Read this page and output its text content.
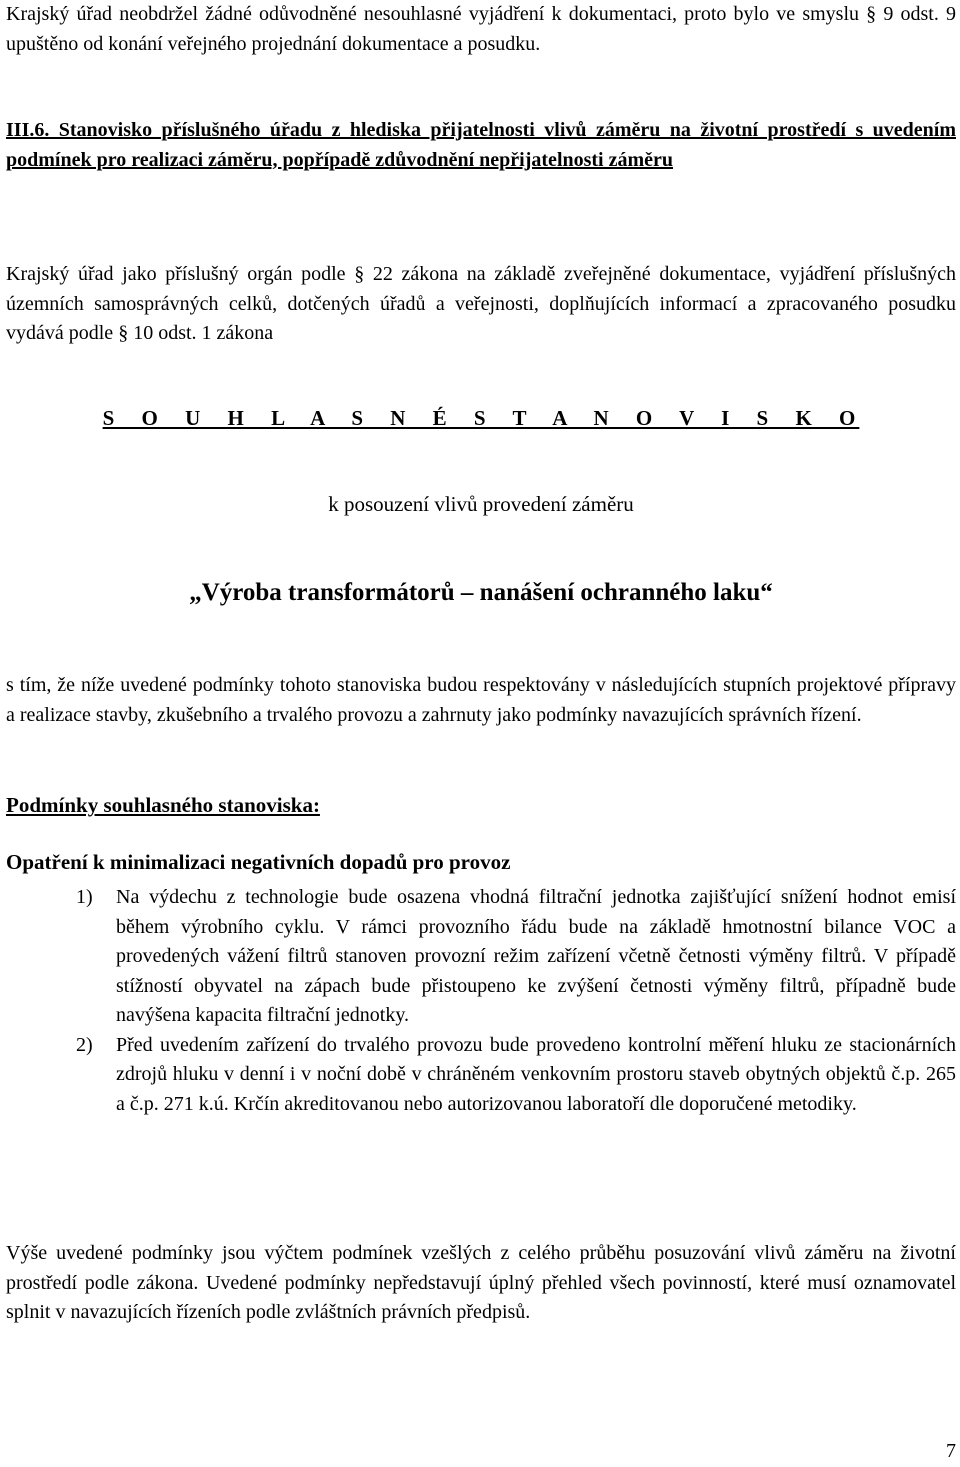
Krajský úřad neobdržel žádné odůvodněné nesouhlasné vyjádření k dokumentaci, proto bylo ve smyslu § 9 odst. 9 upuštěno od konání veřejného projednání dokumentace a posudku.

III.6. Stanovisko příslušného úřadu z hlediska přijatelnosti vlivů záměru na životní prostředí s uvedením podmínek pro realizaci záměru, popřípadě zdůvodnění nepřijatelnosti záměru

Krajský úřad jako příslušný orgán podle § 22 zákona na základě zveřejněné dokumentace, vyjádření příslušných územních samosprávných celků, dotčených úřadů a veřejnosti, doplňujících informací a zpracovaného posudku vydává podle § 10 odst. 1 zákona

S O U H L A S N É S T A N O V I S K O

k posouzení vlivů provedení záměru

„Výroba transformátorů – nanášení ochranného laku“

s tím, že níže uvedené podmínky tohoto stanoviska budou respektovány v následujících stupních projektové přípravy a realizace stavby, zkušebního a trvalého provozu a zahrnuty jako podmínky navazujících správních řízení.

Podmínky souhlasného stanoviska:

Opatření k minimalizaci negativních dopadů pro provoz

1) Na výdechu z technologie bude osazena vhodná filtrační jednotka zajišťující snížení hodnot emisí během výrobního cyklu. V rámci provozního řádu bude na základě hmotnostní bilance VOC a provedených vážení filtrů stanoven provozní režim zařízení včetně četnosti výměny filtrů. V případě stížností obyvatel na zápach bude přistoupeno ke zvýšení četnosti výměny filtrů, případně bude navýšena kapacita filtrační jednotky.
2) Před uvedením zařízení do trvalého provozu bude provedeno kontrolní měření hluku ze stacionárních zdrojů hluku v denní i v noční době v chráněném venkovním prostoru staveb obytných objektů č.p. 265 a č.p. 271 k.ú. Krčín akreditovanou nebo autorizovanou laboratoří dle doporučené metodiky.

Výše uvedené podmínky jsou výčtem podmínek vzešlých z celého průběhu posuzování vlivů záměru na životní prostředí podle zákona. Uvedené podmínky nepředstavují úplný přehled všech povinností, které musí oznamovatel splnit v navazujících řízeních podle zvláštních právních předpisů.

7
